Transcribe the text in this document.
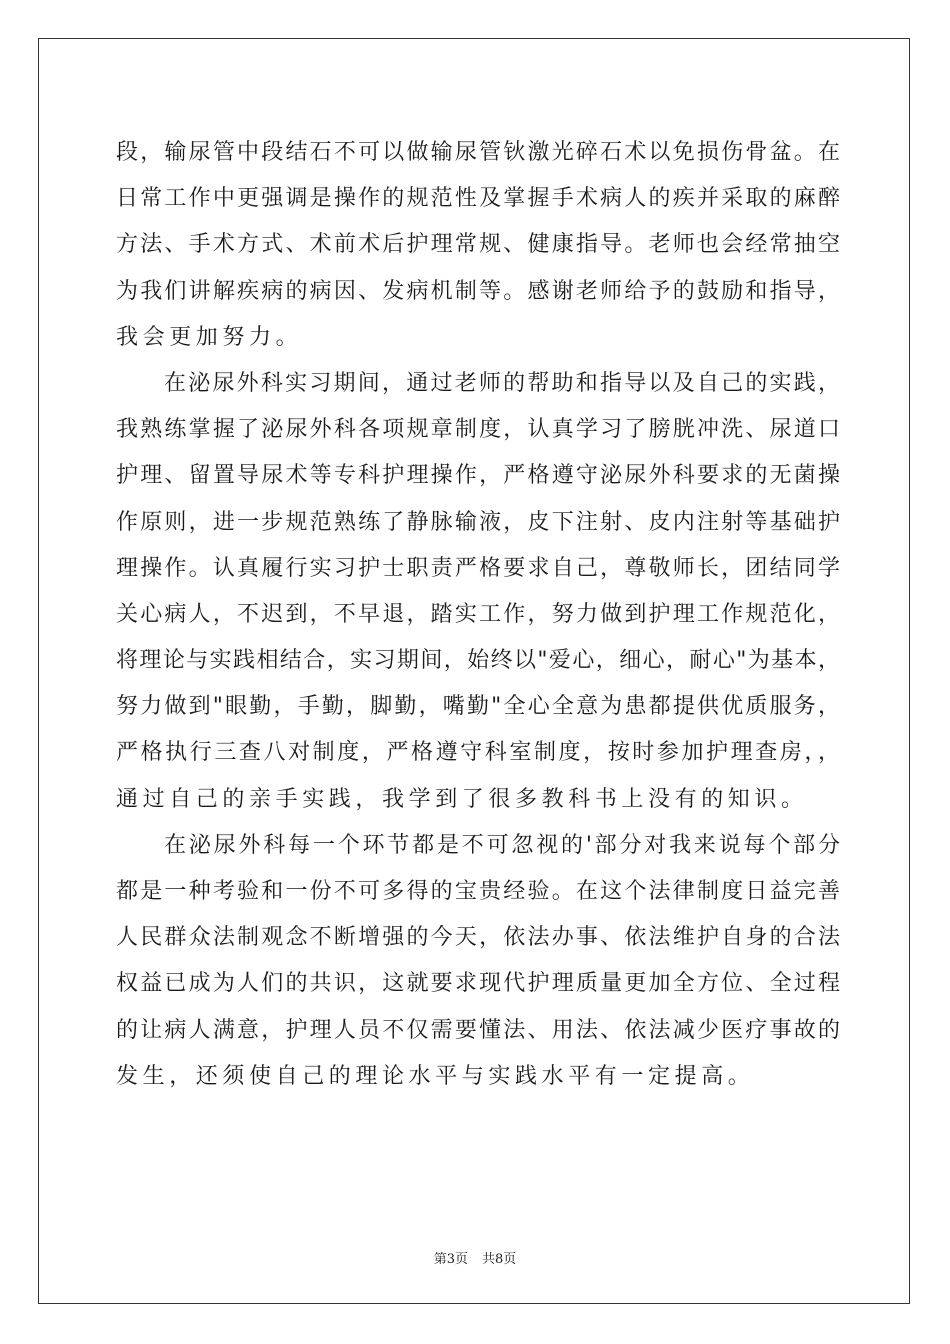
段，输尿管中段结石不可以做输尿管钬激光碎石术以免损伤骨盆。在
日常工作中更强调是操作的规范性及掌握手术病人的疾并采取的麻醉
方法、手术方式、术前术后护理常规、健康指导。老师也会经常抽空
为我们讲解疾病的病因、发病机制等。感谢老师给予的鼓励和指导，
我会更加努力。
在泌尿外科实习期间，通过老师的帮助和指导以及自己的实践，
我熟练掌握了泌尿外科各项规章制度，认真学习了膀胱冲洗、尿道口
护理、留置导尿术等专科护理操作，严格遵守泌尿外科要求的无菌操
作原则，进一步规范熟练了静脉输液，皮下注射、皮内注射等基础护
理操作。认真履行实习护士职责严格要求自己，尊敬师长，团结同学
关心病人，不迟到，不早退，踏实工作，努力做到护理工作规范化，
将理论与实践相结合，实习期间，始终以"爱心，细心，耐心"为基本，
努力做到"眼勤，手勤，脚勤，嘴勤"全心全意为患都提供优质服务，
严格执行三查八对制度，严格遵守科室制度，按时参加护理查房，，
通过自己的亲手实践，我学到了很多教科书上没有的知识。
在泌尿外科每一个环节都是不可忽视的'部分对我来说每个部分
都是一种考验和一份不可多得的宝贵经验。在这个法律制度日益完善
人民群众法制观念不断增强的今天，依法办事、依法维护自身的合法
权益已成为人们的共识，这就要求现代护理质量更加全方位、全过程
的让病人满意，护理人员不仅需要懂法、用法、依法减少医疗事故的
发生，还须使自己的理论水平与实践水平有一定提高。
第3页 共8页
